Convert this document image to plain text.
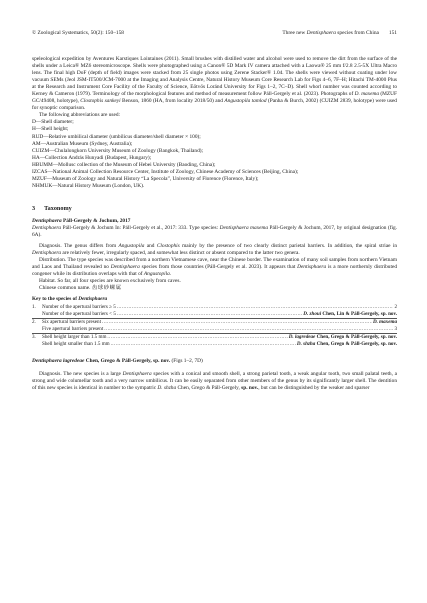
© Zoological Systematics, 50(2): 150–158	Three new Dentisphaera species from China 151

speleological expedition by Aventures Karstiques Lointaines (2011). Small brushes with distilled water and alcohol were used to remove the dirt from the surface of the shells under a Leica® MZ6 stereomicroscope. Shells were photographed using a Canon® 5D Mark IV camera attached with a Laowa® 25 mm f/2.8 2.5-5X Ultra Macro lens. The final high DoF (depth of field) images were stacked from 25 single photos using Zerene Stacker® 1.04. The shells were viewed without coating under low vacuum SEMs (Jeol JSM-IT500/JCM-7000 at the Imaging and Analysis Centre, Natural History Museum Core Research Lab for Figs 4–6, 7F–H; Hitachi TM-4000 Plus at the Research and Instrument Core Facility of the Faculty of Science, Eötvös Loránd University for Figs 1–2, 7C–D). Shell whorl number was counted according to Kerney & Cameron (1979). Terminology of the morphological features and method of measurement follow Páll-Gergely et al. (2023). Photographs of D. maxema (MZUF GC/49408, holotype), Clostophis sankeyi Benson, 1860 (HA, from locality 2018/50) and Angustopila tamlod (Panha & Burch, 2002) (CUIZM 2839, holotype) were used for synoptic comparison.

The following abbreviations are used:
D—Shell diameter;
H—Shell height;
RUD—Relative umbilical diameter (umbilicus diameter/shell diameter × 100);
AM—Australian Museum (Sydney, Australia);
CUIZM—Chulalongkorn University Museum of Zoology (Bangkok, Thailand);
HA—Collection András Hunyadi (Budapest, Hungary);
HBUMM—Mollusc collection of the Museum of Hebei University (Baoding, China);
IZCAS—National Animal Collection Resource Center, Institute of Zoology, Chinese Academy of Sciences (Beijing, China);
MZUF—Museum of Zoology and Natural History “La Specola”, University of Florence (Florence, Italy);
NHMUK—Natural History Museum (London, UK).
3 Taxonomy
Dentisphaera Páll-Gergely & Jochum, 2017

Dentisphaera Páll-Gergely & Jochum In: Páll-Gergely et al., 2017: 333. Type species: Dentisphaera maxema Páll-Gergely & Jochum, 2017, by original designation (fig. 6A).

Diagnosis. The genus differs from Angustopila and Clostophis mainly by the presence of two clearly distinct parietal barriers. In addition, the spiral striae in Dentisphaera are relatively fewer, irregularly spaced, and somewhat less distinct or absent compared to the latter two genera.

Distribution. The type species was described from a northern Vietnamese cave, near the Chinese border. The examination of many soil samples from northern Vietnam and Laos and Thailand revealed no Dentisphaera species from those countries (Páll-Gergely et al. 2023). It appears that Dentisphaera is a more northernly distributed congener while its distribution overlaps with that of Angustopila.

Habitat. So far, all four species are known exclusively from caves.

Chinese common name. 齿球砂螺属

Key to the species of Dentisphaera
1.	Number of the apertural barriers ≥ 5 .....	2
Number of the apertural barriers < 5 .....	D. zhoui Chen, Lin & Páll-Gergely, sp. nov.
2.	Six apertural barriers present .....	D. maxema
Five apertural barriers present .....	3
3.	Shell height larger than 1.5 mm .....	D. lagredeae Chen, Grego & Páll-Gergely, sp. nov.
Shell height smaller than 1.5 mm .....	D. shzha Chen, Grego & Páll-Gergely, sp. nov.
Dentisphaera lagredeae Chen, Grego & Páll-Gergely, sp. nov. (Figs 1–2, 7D)

Diagnosis. The new species is a large Dentisphaera species with a conical and smooth shell, a strong parietal tooth, a weak angular tooth, two small palatal teeth, a strong and wide columellar tooth and a very narrow umbilicus. It can be easily separated from other members of the genus by its significantly larger shell. The dentition of this new species is identical in number to the sympatric D. shzha Chen, Grego & Páll-Gergely, sp. nov., but can be distinguished by the weaker and sparser
